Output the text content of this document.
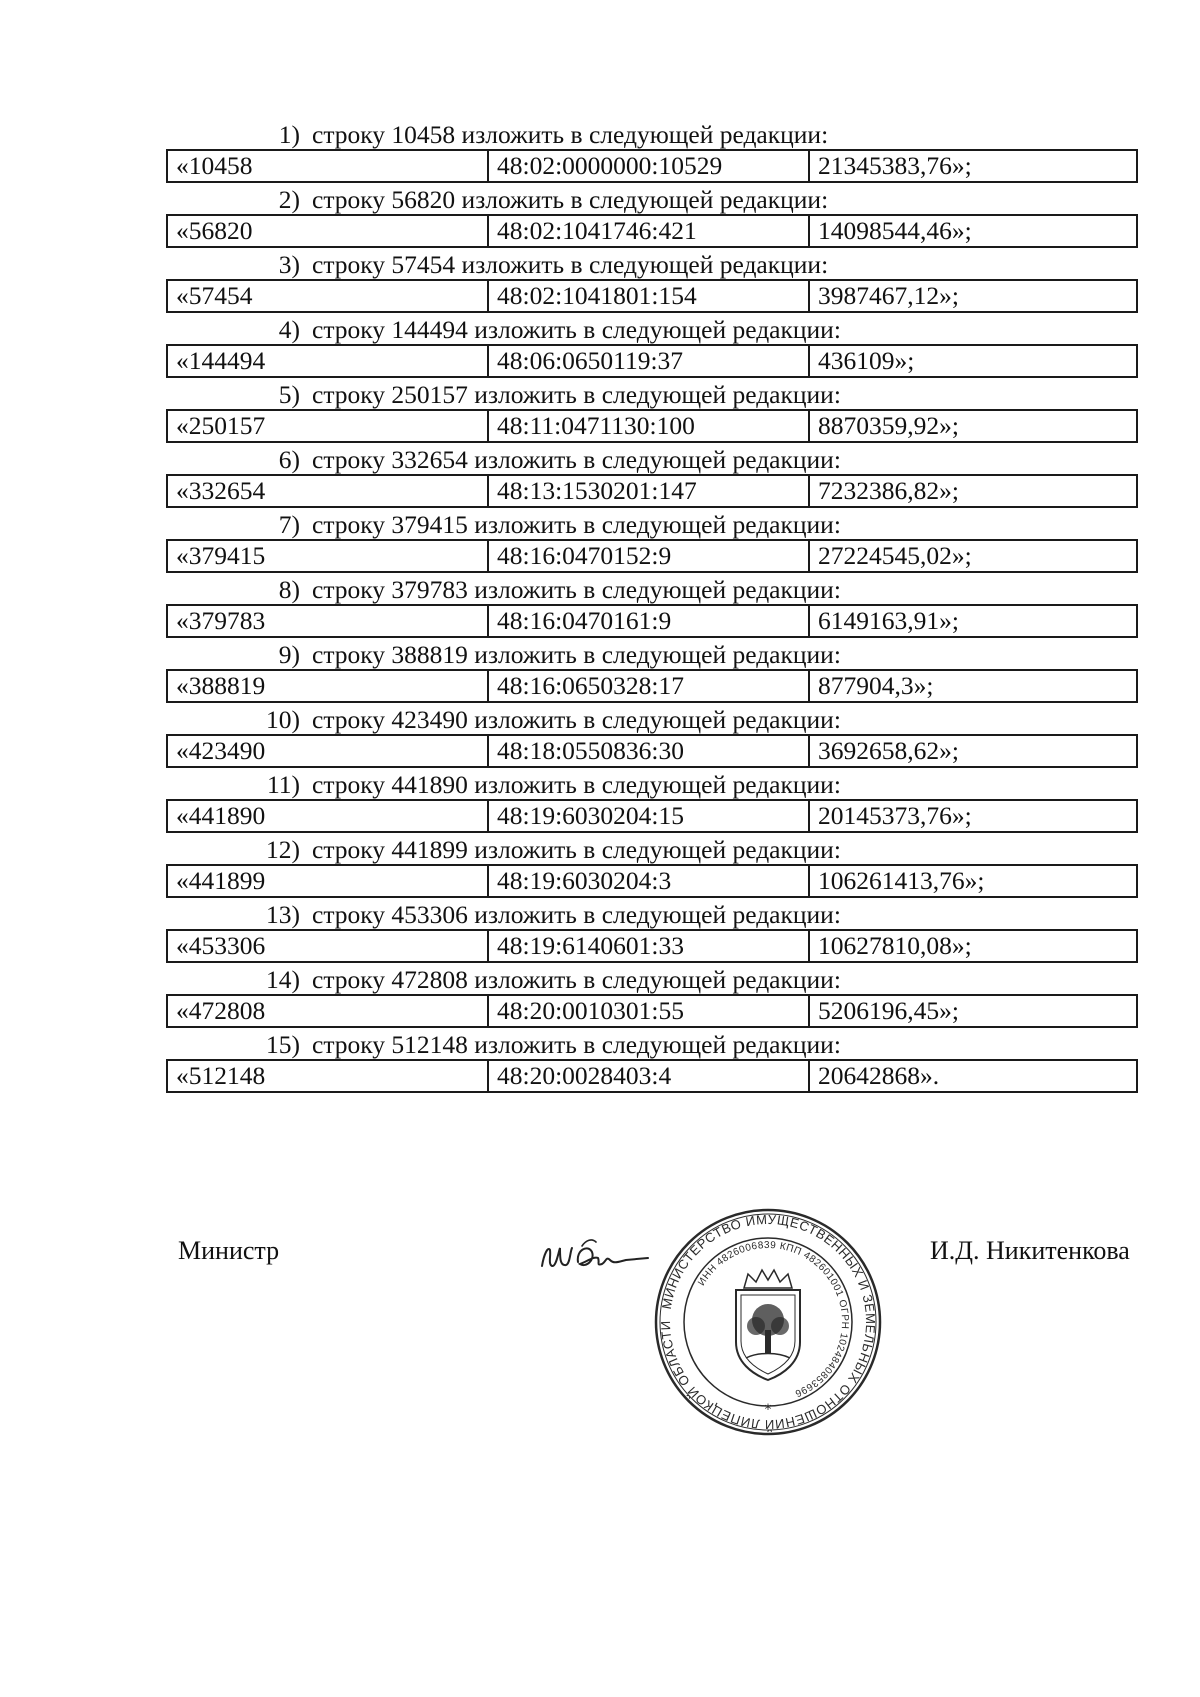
1) строку 10458 изложить в следующей редакции:
«10458	48:02:0000000:10529	21345383,76»;
2) строку 56820 изложить в следующей редакции:
«56820	48:02:1041746:421	14098544,46»;
3) строку 57454 изложить в следующей редакции:
«57454	48:02:1041801:154	3987467,12»;
4) строку 144494 изложить в следующей редакции:
«144494	48:06:0650119:37	436109»;
5) строку 250157 изложить в следующей редакции:
«250157	48:11:0471130:100	8870359,92»;
6) строку 332654 изложить в следующей редакции:
«332654	48:13:1530201:147	7232386,82»;
7) строку 379415 изложить в следующей редакции:
«379415	48:16:0470152:9	27224545,02»;
8) строку 379783 изложить в следующей редакции:
«379783	48:16:0470161:9	6149163,91»;
9) строку 388819 изложить в следующей редакции:
«388819	48:16:0650328:17	877904,3»;
10) строку 423490 изложить в следующей редакции:
«423490	48:18:0550836:30	3692658,62»;
11) строку 441890 изложить в следующей редакции:
«441890	48:19:6030204:15	20145373,76»;
12) строку 441899 изложить в следующей редакции:
«441899	48:19:6030204:3	106261413,76»;
13) строку 453306 изложить в следующей редакции:
«453306	48:19:6140601:33	10627810,08»;
14) строку 472808 изложить в следующей редакции:
«472808	48:20:0010301:55	5206196,45»;
15) строку 512148 изложить в следующей редакции:
«512148	48:20:0028403:4	20642868».
Министр
МИНИСТЕРСТВО ИМУЩЕСТВЕННЫХ И ЗЕМЕЛЬНЫХ ОТНОШЕНИЙ ЛИПЕЦКОЙ ОБЛАСТИ
ИНН 4826006839 КПП 482601001 ОГРН 1024840853696
*
И.Д. Никитенкова
